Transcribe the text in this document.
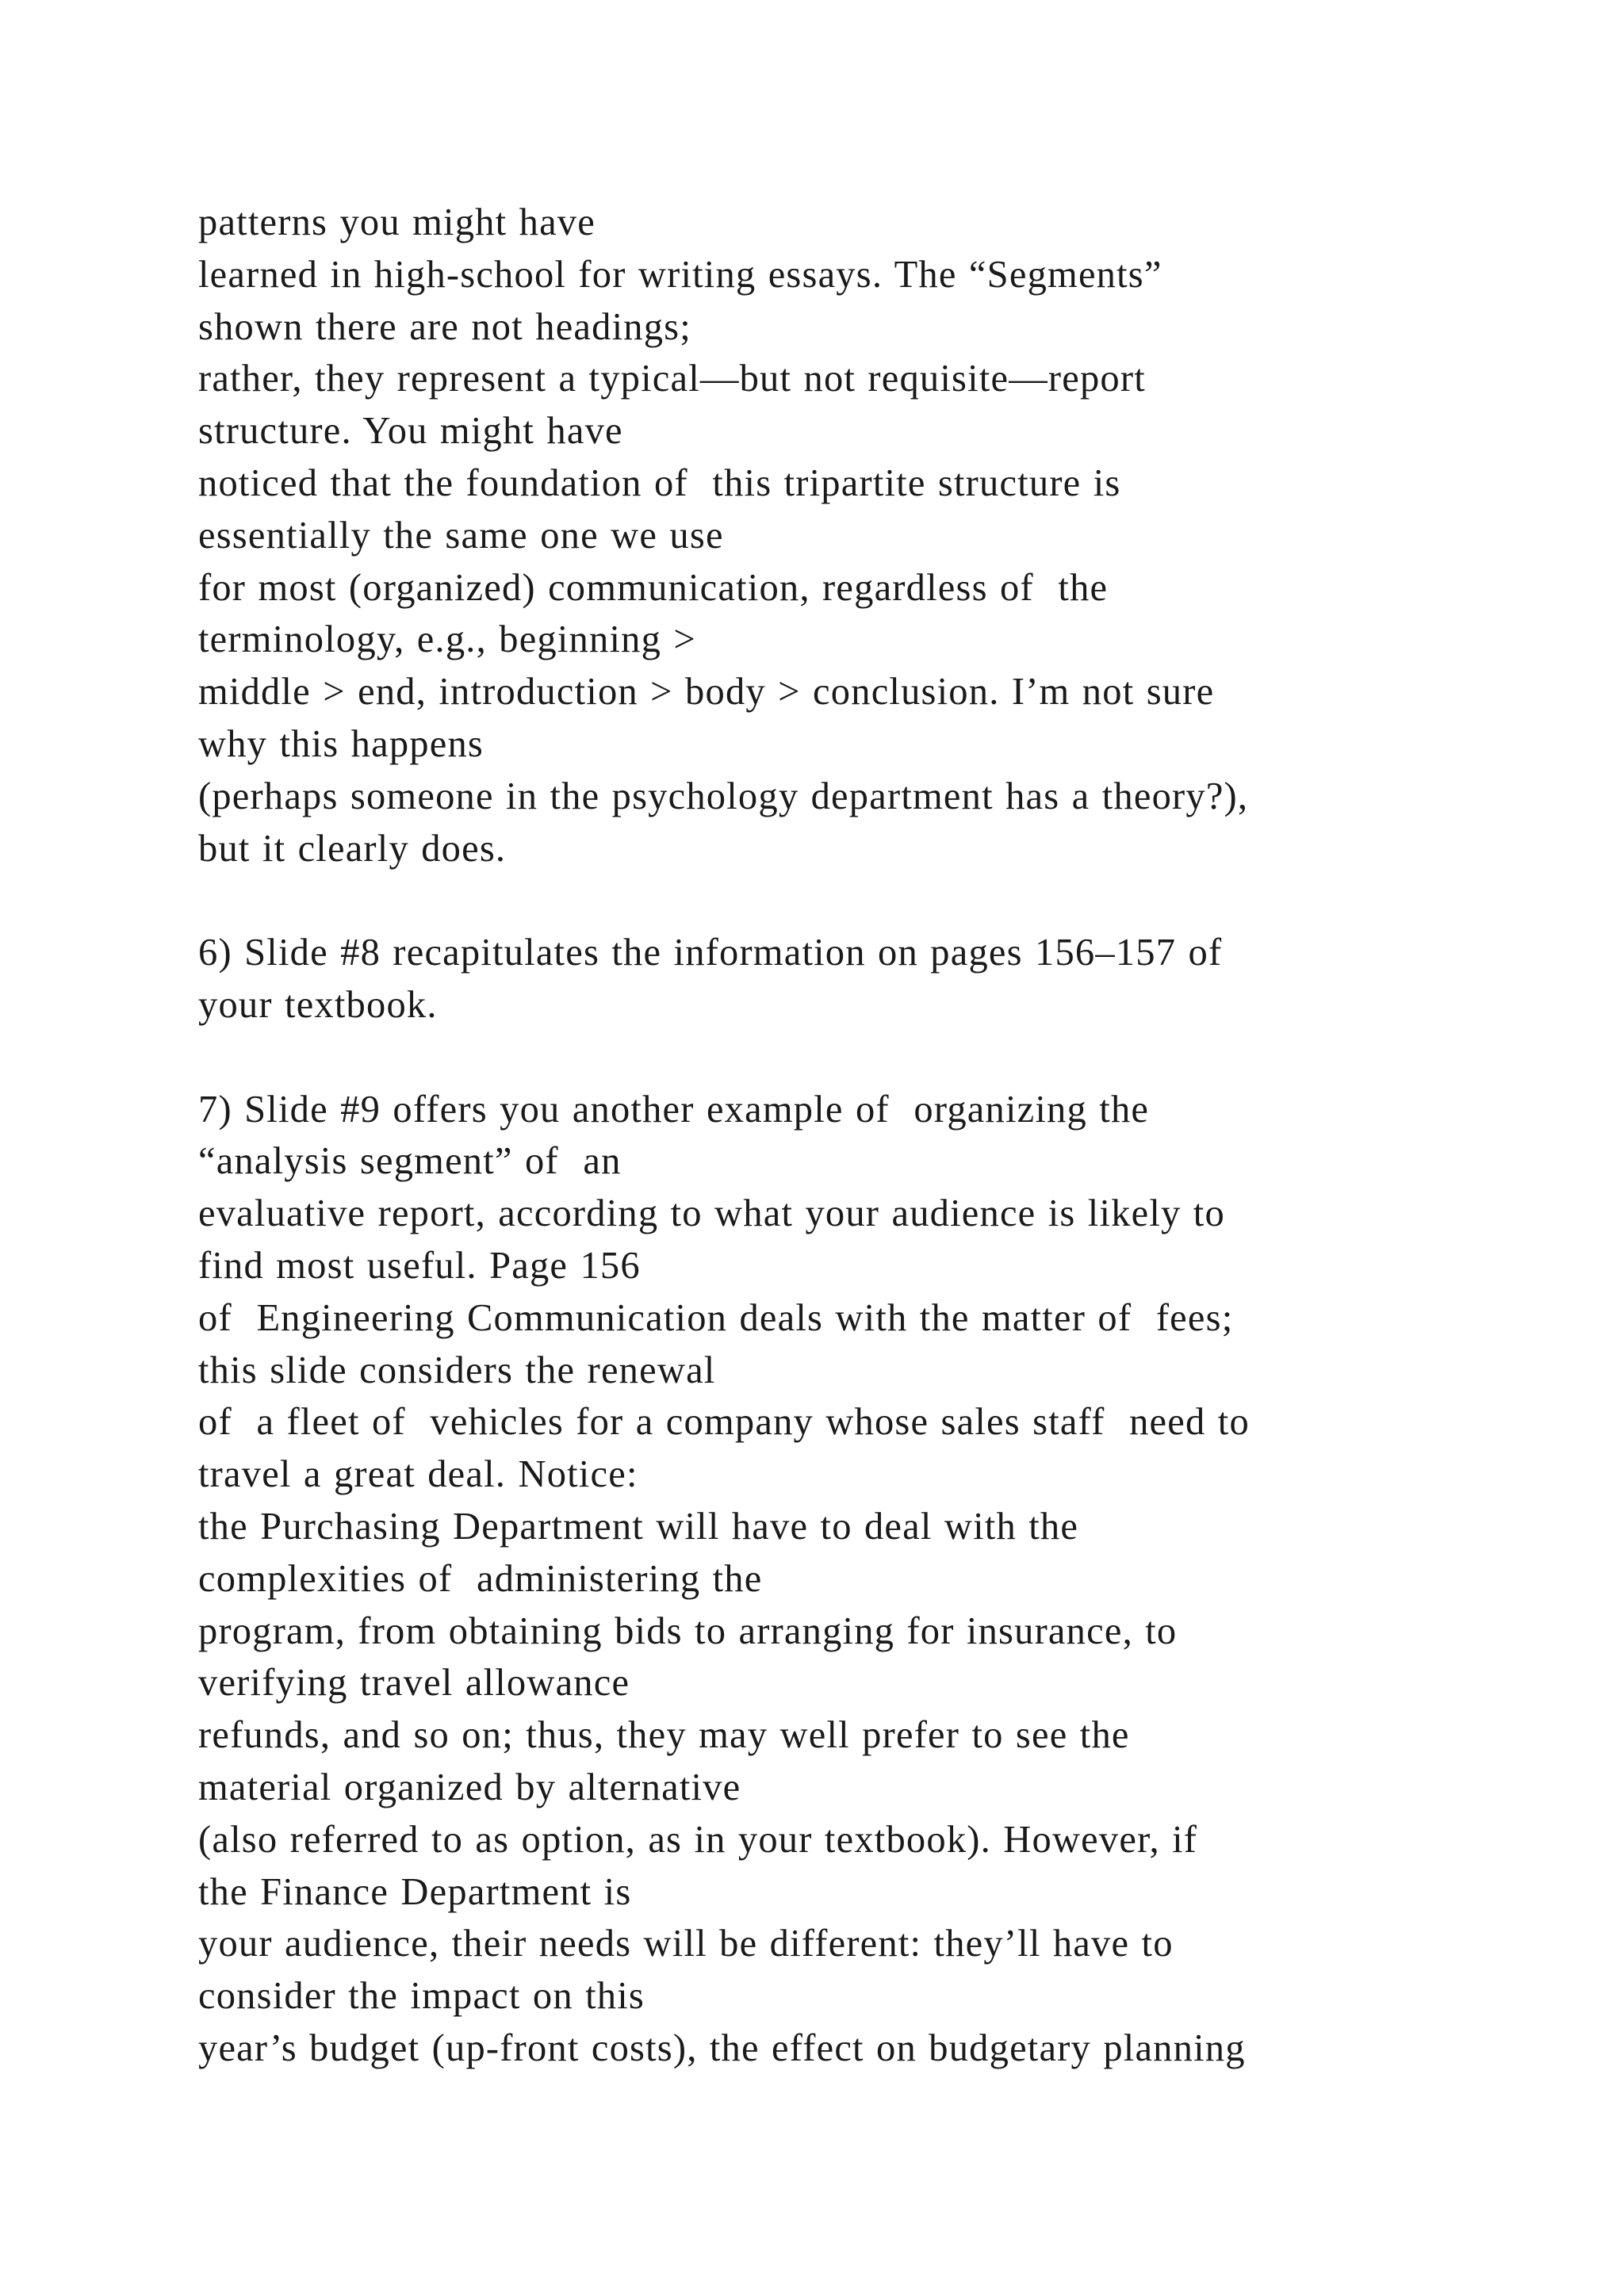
patterns you might have
learned in high-school for writing essays. The “Segments”
shown there are not headings;
rather, they represent a typical—but not requisite—report
structure. You might have
noticed that the foundation of  this tripartite structure is
essentially the same one we use
for most (organized) communication, regardless of  the
terminology, e.g., beginning >
middle > end, introduction > body > conclusion. I’m not sure
why this happens
(perhaps someone in the psychology department has a theory?),
but it clearly does.
6) Slide #8 recapitulates the information on pages 156–157 of
your textbook.
7) Slide #9 offers you another example of  organizing the
“analysis segment” of  an
evaluative report, according to what your audience is likely to
find most useful. Page 156
of  Engineering Communication deals with the matter of  fees;
this slide considers the renewal
of  a fleet of  vehicles for a company whose sales staff  need to
travel a great deal. Notice:
the Purchasing Department will have to deal with the
complexities of  administering the
program, from obtaining bids to arranging for insurance, to
verifying travel allowance
refunds, and so on; thus, they may well prefer to see the
material organized by alternative
(also referred to as option, as in your textbook). However, if
the Finance Department is
your audience, their needs will be different: they’ll have to
consider the impact on this
year’s budget (up-front costs), the effect on budgetary planning
